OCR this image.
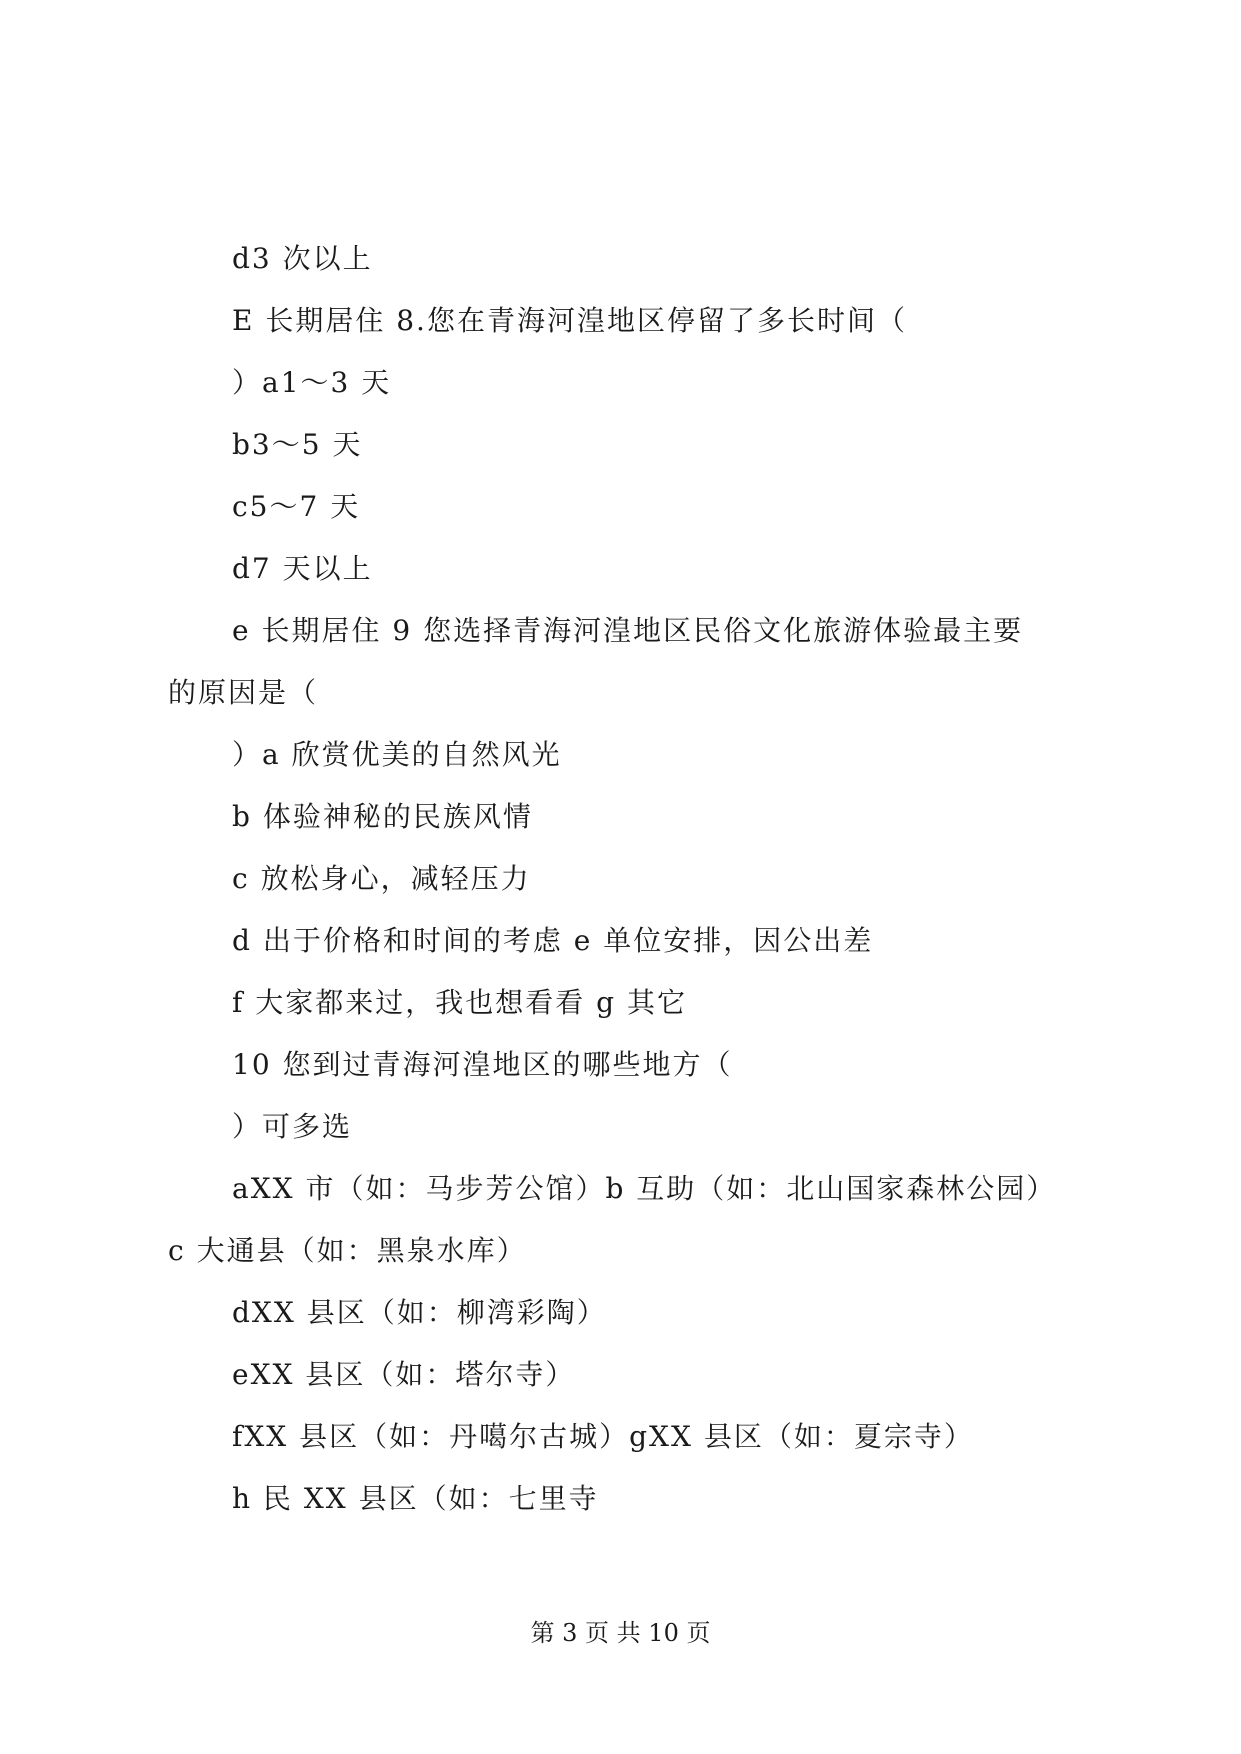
d3 次以上
E 长期居住 8.您在青海河湟地区停留了多长时间（
）a1～3 天
b3～5 天
c5～7 天
d7 天以上
e 长期居住 9 您选择青海河湟地区民俗文化旅游体验最主要
的原因是（
）a 欣赏优美的自然风光
b 体验神秘的民族风情
c 放松身心，减轻压力
d 出于价格和时间的考虑 e 单位安排，因公出差
f 大家都来过，我也想看看 g 其它
10 您到过青海河湟地区的哪些地方（
）可多选
aXX 市（如：马步芳公馆）b 互助（如：北山国家森林公园）
c 大通县（如：黑泉水库）
dXX 县区（如：柳湾彩陶）
eXX 县区（如：塔尔寺）
fXX 县区（如：丹噶尔古城）gXX 县区（如：夏宗寺）
h 民 XX 县区（如：七里寺
第 3 页 共 10 页
